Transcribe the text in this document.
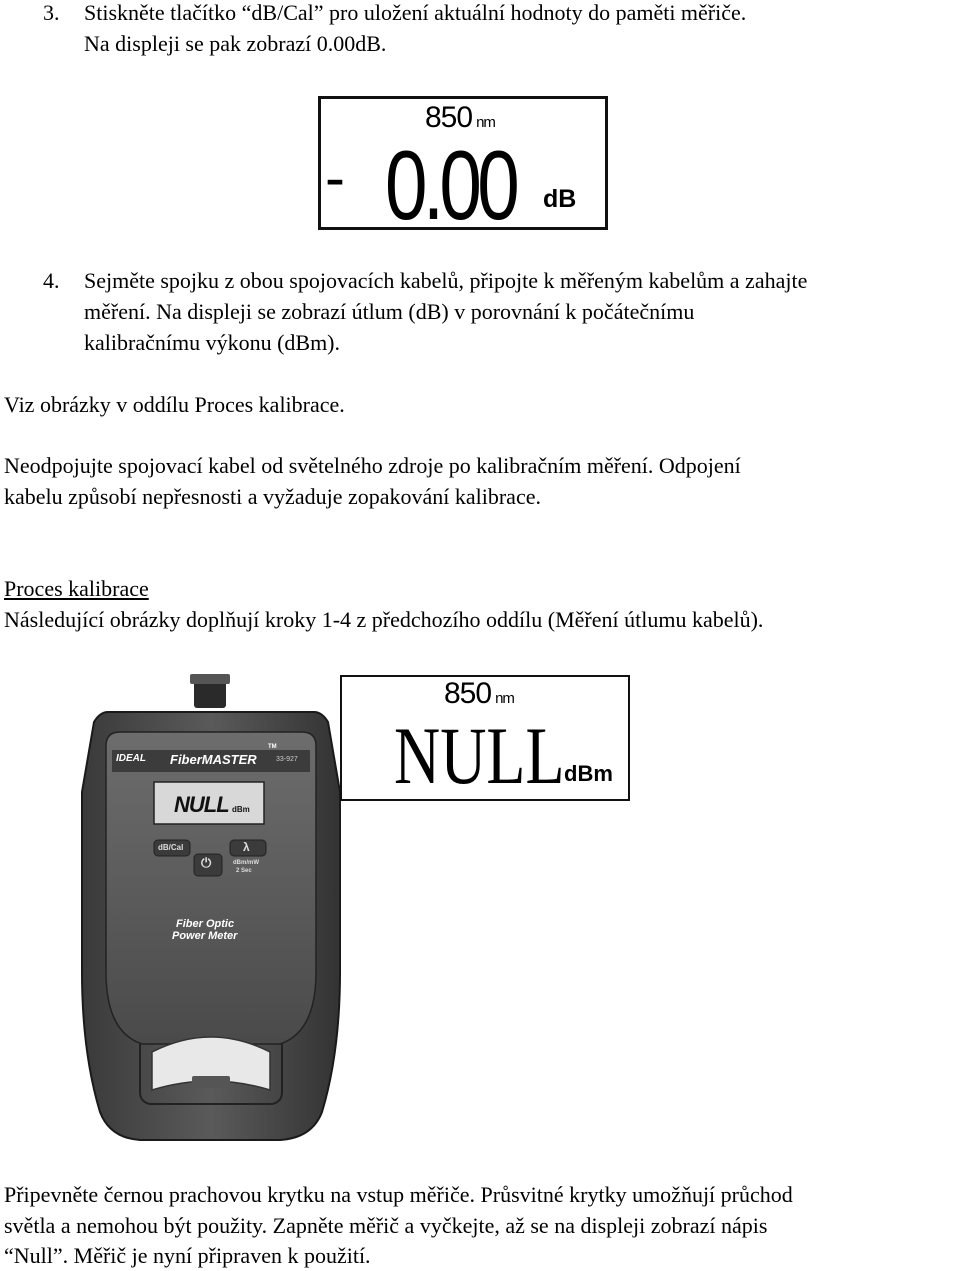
3. Stiskněte tlačítko “dB/Cal” pro uložení aktuální hodnoty do paměti měřiče.
Na displeji se pak zobrazí 0.00dB.
850 nm
- 0.00 dB
4. Sejměte spojku z obou spojovacích kabelů, připojte k měřeným kabelům a zahajte
měření. Na displeji se zobrazí útlum (dB) v porovnání k počátečnímu
kalibračnímu výkonu (dBm).
Viz obrázky v oddílu Proces kalibrace.
Neodpojujte spojovací kabel od světelného zdroje po kalibračním měření. Odpojení
kabelu způsobí nepřesnosti a vyžaduje zopakování kalibrace.
Proces kalibrace
Následující obrázky doplňují kroky 1-4 z předchozího oddílu (Měření útlumu kabelů).
IDEAL FiberMASTER
TM
33-927
NULL dBm
dB/Cal	λ
⏻	dBm/mW
2 Sec
Fiber Optic
Power Meter
850 nm
NULL dBm
Připevněte černou prachovou krytku na vstup měřiče. Průsvitné krytky umožňují průchod
světla a nemohou být použity. Zapněte měřič a vyčkejte, až se na displeji zobrazí nápis
“Null”. Měřič je nyní připraven k použití.
